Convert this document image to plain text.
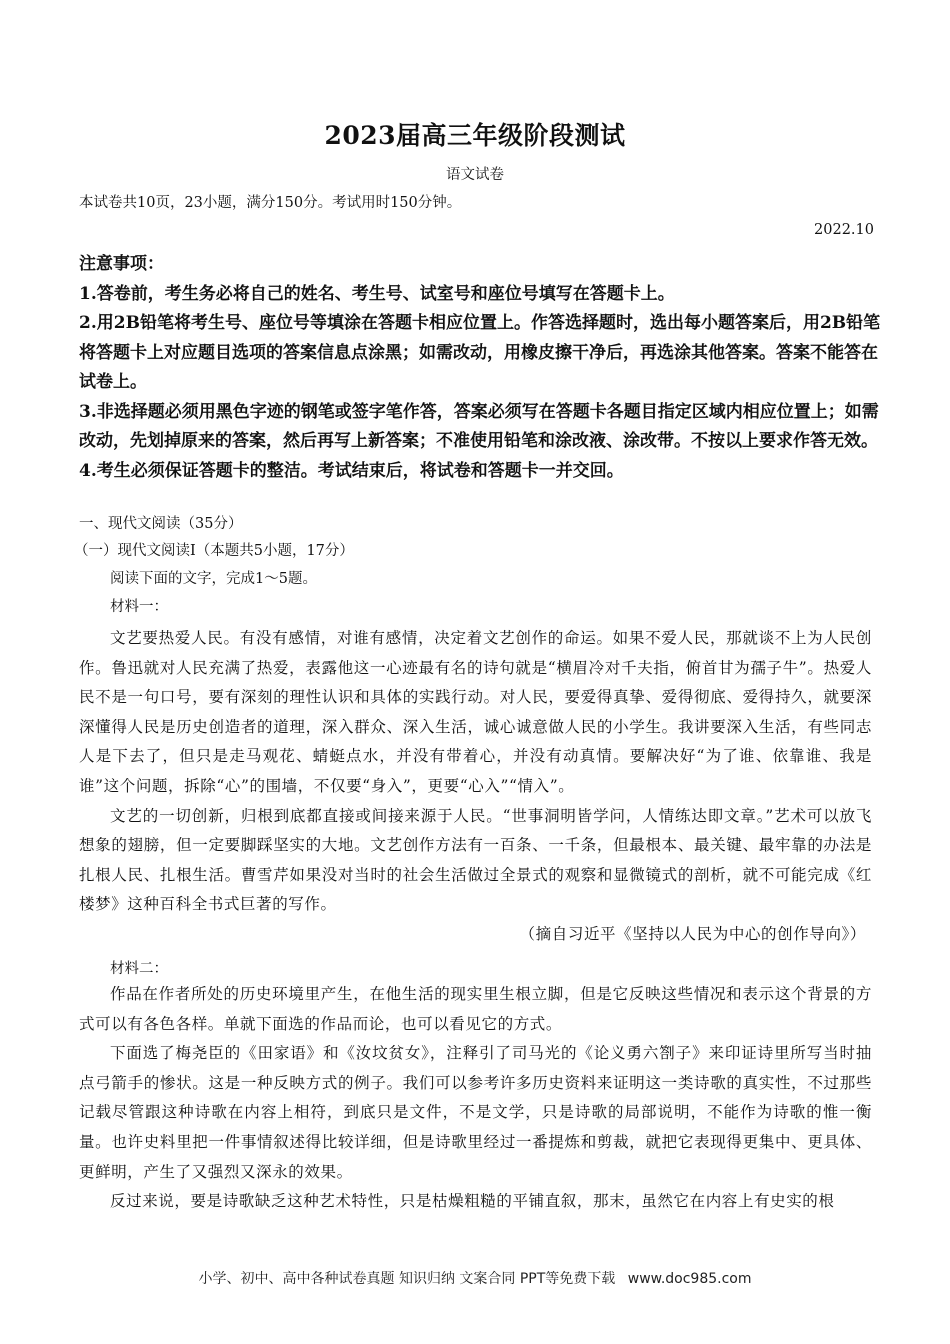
2023届高三年级阶段测试
语文试卷
本试卷共10页，23小题，满分150分。考试用时150分钟。
2022.10

注意事项：

1.答卷前，考生务必将自己的姓名、考生号、试室号和座位号填写在答题卡上。

2.用2B铅笔将考生号、座位号等填涂在答题卡相应位置上。作答选择题时，选出每小题答案后，用2B铅笔将答题卡上对应题目选项的答案信息点涂黑；如需改动，用橡皮擦干净后，再选涂其他答案。答案不能答在试卷上。

3.非选择题必须用黑色字迹的钢笔或签字笔作答，答案必须写在答题卡各题目指定区域内相应位置上；如需改动，先划掉原来的答案，然后再写上新答案；不准使用铅笔和涂改液、涂改带。不按以上要求作答无效。

4.考生必须保证答题卡的整洁。考试结束后，将试卷和答题卡一并交回。

一、现代文阅读（35分）
（一）现代文阅读Ⅰ（本题共5小题，17分）
阅读下面的文字，完成1～5题。
材料一：

文艺要热爱人民。有没有感情，对谁有感情，决定着文艺创作的命运。如果不爱人民，那就谈不上为人民创作。鲁迅就对人民充满了热爱，表露他这一心迹最有名的诗句就是“横眉冷对千夫指，俯首甘为孺子牛”。热爱人民不是一句口号，要有深刻的理性认识和具体的实践行动。对人民，要爱得真挚、爱得彻底、爱得持久，就要深深懂得人民是历史创造者的道理，深入群众、深入生活，诚心诚意做人民的小学生。我讲要深入生活，有些同志人是下去了，但只是走马观花、蜻蜓点水，并没有带着心，并没有动真情。要解决好“为了谁、依靠谁、我是谁”这个问题，拆除“心”的围墙，不仅要“身入”，更要“心入”“情入”。

文艺的一切创新，归根到底都直接或间接来源于人民。“世事洞明皆学问，人情练达即文章。”艺术可以放飞想象的翅膀，但一定要脚踩坚实的大地。文艺创作方法有一百条、一千条，但最根本、最关键、最牢靠的办法是扎根人民、扎根生活。曹雪芹如果没对当时的社会生活做过全景式的观察和显微镜式的剖析，就不可能完成《红楼梦》这种百科全书式巨著的写作。

（摘自习近平《坚持以人民为中心的创作导向》）

材料二：

作品在作者所处的历史环境里产生，在他生活的现实里生根立脚，但是它反映这些情况和表示这个背景的方式可以有各色各样。单就下面选的作品而论，也可以看见它的方式。

下面选了梅尧臣的《田家语》和《汝坟贫女》，注释引了司马光的《论义勇六劄子》来印证诗里所写当时抽点弓箭手的惨状。这是一种反映方式的例子。我们可以参考许多历史资料来证明这一类诗歌的真实性，不过那些记载尽管跟这种诗歌在内容上相符，到底只是文件，不是文学，只是诗歌的局部说明，不能作为诗歌的惟一衡量。也许史料里把一件事情叙述得比较详细，但是诗歌里经过一番提炼和剪裁，就把它表现得更集中、更具体、更鲜明，产生了又强烈又深永的效果。

反过来说，要是诗歌缺乏这种艺术特性，只是枯燥粗糙的平铺直叙，那末，虽然它在内容上有史实的根

小学、初中、高中各种试卷真题 知识归纳 文案合同 PPT等免费下载 www.doc985.com
